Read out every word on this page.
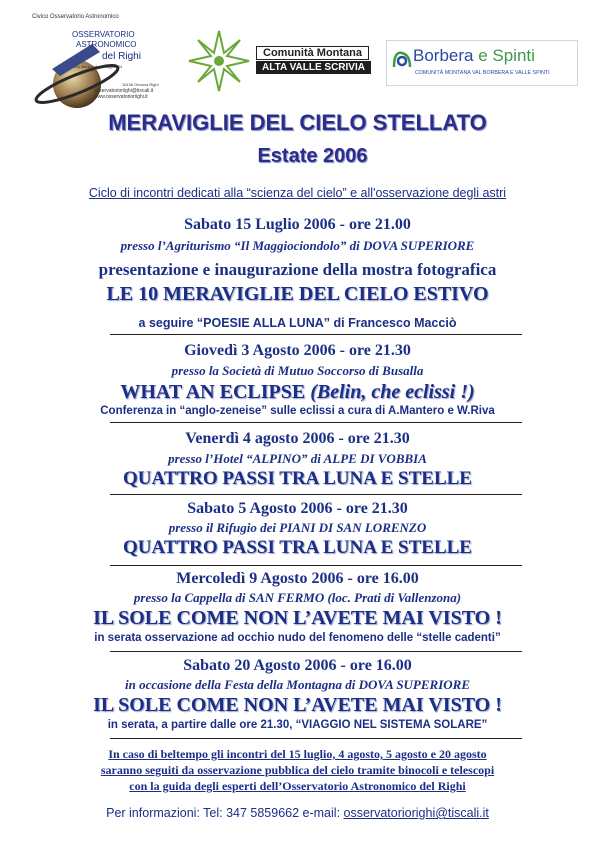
Civico Osservatorio Astronomico
OSSERVATORIO
ASTRONOMICO
del Righi
Via Mura delle Chiappe, 44
16136 Genova Righi
osservatorioriighi@tiscali.it
www.osservatorioriighi.it
Comunità Montana
ALTA VALLE SCRIVIA
Borbera e Spinti
COMUNITÀ MONTANA VAL BORBERA E VALLE SPINTI
MERAVIGLIE DEL CIELO STELLATO
Estate 2006
Ciclo di incontri dedicati alla “scienza del cielo” e all'osservazione degli astri
Sabato 15 Luglio 2006 - ore 21.00
presso l’Agriturismo “Il Maggiociondolo” di DOVA SUPERIORE
presentazione e inaugurazione della mostra fotografica
LE 10 MERAVIGLIE DEL CIELO ESTIVO
a seguire “POESIE ALLA LUNA” di Francesco Macciò
Giovedì 3 Agosto 2006 - ore 21.30
presso la Società di Mutuo Soccorso di Busalla
WHAT AN ECLIPSE (Belin, che eclissi !)
Conferenza in “anglo-zeneise” sulle eclissi a cura di A.Mantero e W.Riva
Venerdì 4 agosto 2006 - ore 21.30
presso l’Hotel “ALPINO” di ALPE DI VOBBIA
QUATTRO PASSI TRA LUNA E STELLE
Sabato 5 Agosto 2006 - ore 21.30
presso il Rifugio dei PIANI DI SAN LORENZO
QUATTRO PASSI TRA LUNA E STELLE
Mercoledì 9 Agosto 2006 - ore 16.00
presso la Cappella di SAN FERMO (loc. Prati di Vallenzona)
IL SOLE COME NON L’AVETE MAI VISTO !
in serata osservazione ad occhio nudo del fenomeno delle “stelle cadenti”
Sabato 20 Agosto 2006 - ore 16.00
in occasione della Festa della Montagna di DOVA SUPERIORE
IL SOLE COME NON L’AVETE MAI VISTO !
in serata, a partire dalle ore 21.30, “VIAGGIO NEL SISTEMA SOLARE”
In caso di beltempo gli incontri del 15 luglio, 4 agosto, 5 agosto e 20 agosto
saranno seguiti da osservazione pubblica del cielo tramite binocoli e telescopi
con la guida degli esperti dell’Osservatorio Astronomico del Righi
Per informazioni: Tel: 347 5859662 e-mail: osservatoriorighi@tiscali.it
